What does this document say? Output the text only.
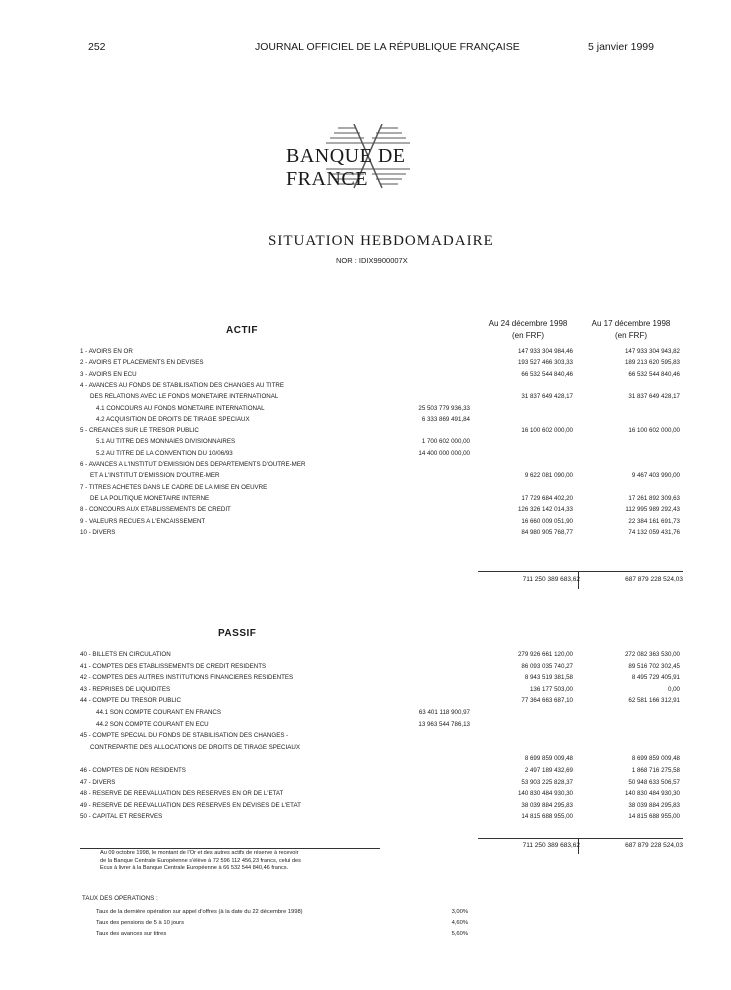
252	JOURNAL OFFICIEL DE LA RÉPUBLIQUE FRANÇAISE	5 janvier 1999
BANQUE DE FRANCE
SITUATION HEBDOMADAIRE
NOR : IDIX9900007X
Au 24 décembre 1998
(en FRF)
Au 17 décembre 1998
(en FRF)
ACTIF
1 - AVOIRS EN OR	147 933 304 984,46	147 933 304 943,82
2 - AVOIRS ET PLACEMENTS EN DEVISES	193 527 466 303,33	189 213 620 595,83
3 - AVOIRS EN ECU	66 532 544 840,46	66 532 544 840,46
4 - AVANCES AU FONDS DE STABILISATION DES CHANGES AU TITRE
DES RELATIONS AVEC LE FONDS MONETAIRE INTERNATIONAL	31 837 649 428,17	31 837 649 428,17
4.1 CONCOURS AU FONDS MONETAIRE INTERNATIONAL	25 503 779 936,33
4.2 ACQUISITION DE DROITS DE TIRAGE SPECIAUX	6 333 869 491,84
5 - CREANCES SUR LE TRESOR PUBLIC	16 100 602 000,00	16 100 602 000,00
5.1 AU TITRE DES MONNAIES DIVISIONNAIRES	1 700 602 000,00
5.2 AU TITRE DE LA CONVENTION DU 10/06/93	14 400 000 000,00
6 - AVANCES A L'INSTITUT D'EMISSION DES DEPARTEMENTS D'OUTRE-MER
ET A L'INSTITUT D'EMISSION D'OUTRE-MER	9 622 081 090,00	9 467 403 990,00
7 - TITRES ACHETES DANS LE CADRE DE LA MISE EN OEUVRE
DE LA POLITIQUE MONETAIRE INTERNE	17 729 684 402,20	17 261 892 309,63
8 - CONCOURS AUX ETABLISSEMENTS DE CREDIT	126 326 142 014,33	112 995 989 292,43
9 - VALEURS RECUES A L'ENCAISSEMENT	16 660 009 051,90	22 384 161 691,73
10 - DIVERS	84 980 905 768,77	74 132 059 431,76
711 250 389 683,62	687 879 228 524,03
PASSIF
40 - BILLETS EN CIRCULATION	279 926 661 120,00	272 082 363 530,00
41 - COMPTES DES ETABLISSEMENTS DE CREDIT RESIDENTS	86 093 035 740,27	89 516 702 302,45
42 - COMPTES DES AUTRES INSTITUTIONS FINANCIERES RESIDENTES	8 943 519 381,58	8 495 729 405,91
43 - REPRISES DE LIQUIDITES	136 177 503,00	0,00
44 - COMPTE DU TRESOR PUBLIC	77 364 663 687,10	62 581 166 312,91
44.1 SON COMPTE COURANT EN FRANCS	63 401 118 900,97
44.2 SON COMPTE COURANT EN ECU	13 963 544 786,13
45 - COMPTE SPECIAL DU FONDS DE STABILISATION DES CHANGES -
CONTREPARTIE DES ALLOCATIONS DE DROITS DE TIRAGE SPECIAUX
8 699 859 009,48	8 699 859 009,48
46 - COMPTES DE NON RESIDENTS	2 497 189 432,69	1 868 716 275,58
47 - DIVERS	53 903 225 828,37	50 948 633 506,57
48 - RESERVE DE REEVALUATION DES RESERVES EN OR DE L'ETAT	140 830 484 930,30	140 830 484 930,30
49 - RESERVE DE REEVALUATION DES RESERVES EN DEVISES DE L'ETAT	38 039 884 295,83	38 039 884 295,83
50 - CAPITAL ET RESERVES	14 815 688 955,00	14 815 688 955,00
711 250 389 683,62	687 879 228 524,03
Au 09 octobre 1998, le montant de l'Or et des autres actifs de réserve à recevoir
de la Banque Centrale Européenne s'élève à 72 596 112 456,23 francs, celui des
Ecus à livrer à la Banque Centrale Européenne à 66 532 544 840,46 francs.
TAUX DES OPERATIONS :
Taux de la dernière opération sur appel d'offres (à la date du 22 décembre 1998)	3,00%
Taux des pensions de 5 à 10 jours	4,60%
Taux des avances sur titres	5,60%
